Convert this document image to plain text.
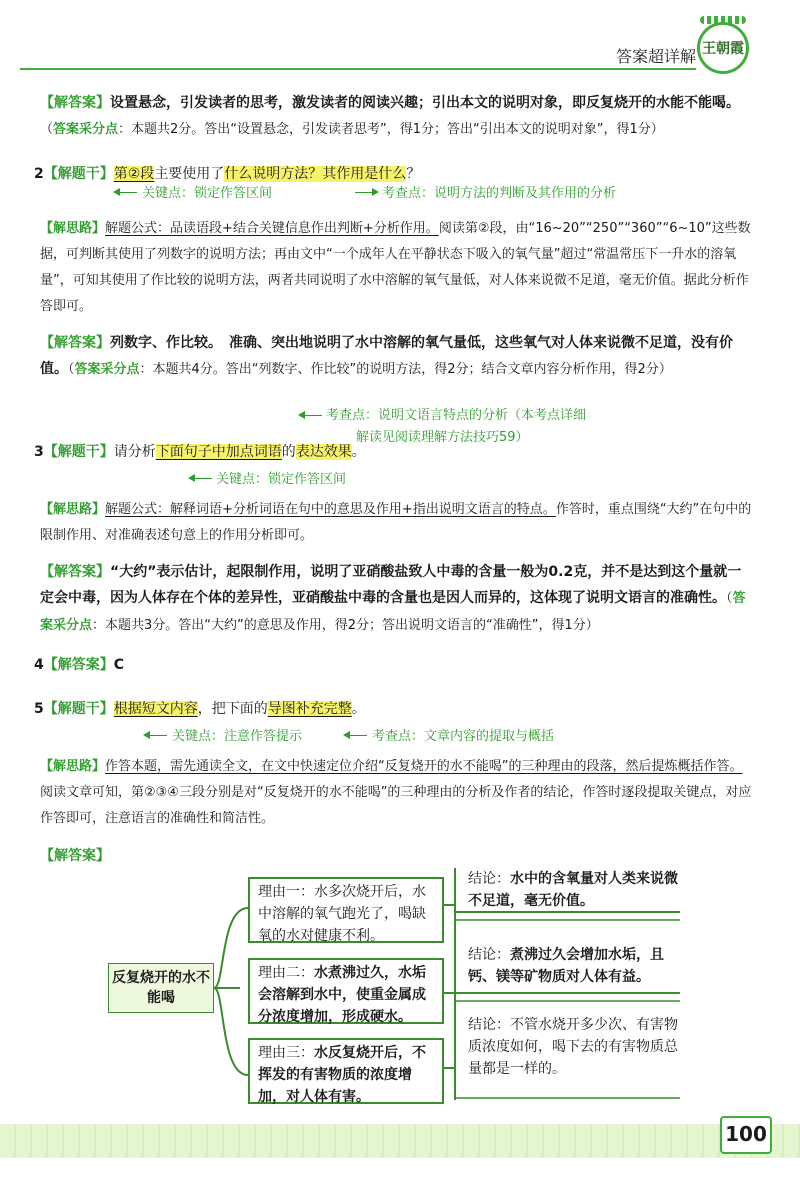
答案超详解 王朝霞
【解答案】设置悬念，引发读者的思考，激发读者的阅读兴趣；引出本文的说明对象，即反复烧开的水能不能喝。
（答案采分点：本题共2分。答出“设置悬念，引发读者思考”，得1分；答出“引出本文的说明对象”，得1分）
2【解题干】第②段主要使用了什么说明方法？其作用是什么？
关键点：锁定作答区间	考查点：说明方法的判断及其作用的分析
【解思路】解题公式：品读语段+结合关键信息作出判断+分析作用。阅读第②段，由“16~20”“250”“360”“6~10”这些数据，可判断其使用了列数字的说明方法；再由文中“一个成年人在平静状态下吸入的氧气量”超过“常温常压下一升水的溶氧量”，可知其使用了作比较的说明方法，两者共同说明了水中溶解的氧气量低，对人体来说微不足道，毫无价值。据此分析作答即可。
【解答案】列数字、作比较。　准确、突出地说明了水中溶解的氧气量低，这些氧气对人体来说微不足道，没有价值。（答案采分点：本题共4分。答出“列数字、作比较”的说明方法，得2分；结合文章内容分析作用，得2分）
考查点：说明文语言特点的分析（本考点详细
解读见阅读理解方法技巧59）
3【解题干】请分析下面句子中加点词语的表达效果。
关键点：锁定作答区间
【解思路】解题公式：解释词语+分析词语在句中的意思及作用+指出说明文语言的特点。作答时，重点围绕“大约”在句中的限制作用、对准确表述句意上的作用分析即可。
【解答案】“大约”表示估计，起限制作用，说明了亚硝酸盐致人中毒的含量一般为0.2克，并不是达到这个量就一定会中毒，因为人体存在个体的差异性，亚硝酸盐中毒的含量也是因人而异的，这体现了说明文语言的准确性。（答案采分点：本题共3分。答出“大约”的意思及作用，得2分；答出说明文语言的“准确性”，得1分）
4【解答案】C
5【解题干】根据短文内容，把下面的导图补充完整。
关键点：注意作答提示	考查点：文章内容的提取与概括
【解思路】作答本题，需先通读全文，在文中快速定位介绍“反复烧开的水不能喝”的三种理由的段落，然后提炼概括作答。阅读文章可知，第②③④三段分别是对“反复烧开的水不能喝”的三种理由的分析及作者的结论，作答时逐段提取关键点，对应作答即可，注意语言的准确性和简洁性。
【解答案】
反复烧开的水不能喝
理由一：水多次烧开后，水中溶解的氧气跑光了，喝缺氧的水对健康不利。
理由二：水煮沸过久，水垢会溶解到水中，使重金属成分浓度增加，形成硬水。
理由三：水反复烧开后，不挥发的有害物质的浓度增加，对人体有害。
结论：水中的含氧量对人类来说微不足道，毫无价值。
结论：煮沸过久会增加水垢，且钙、镁等矿物质对人体有益。
结论：不管水烧开多少次、有害物质浓度如何，喝下去的有害物质总量都是一样的。
100
